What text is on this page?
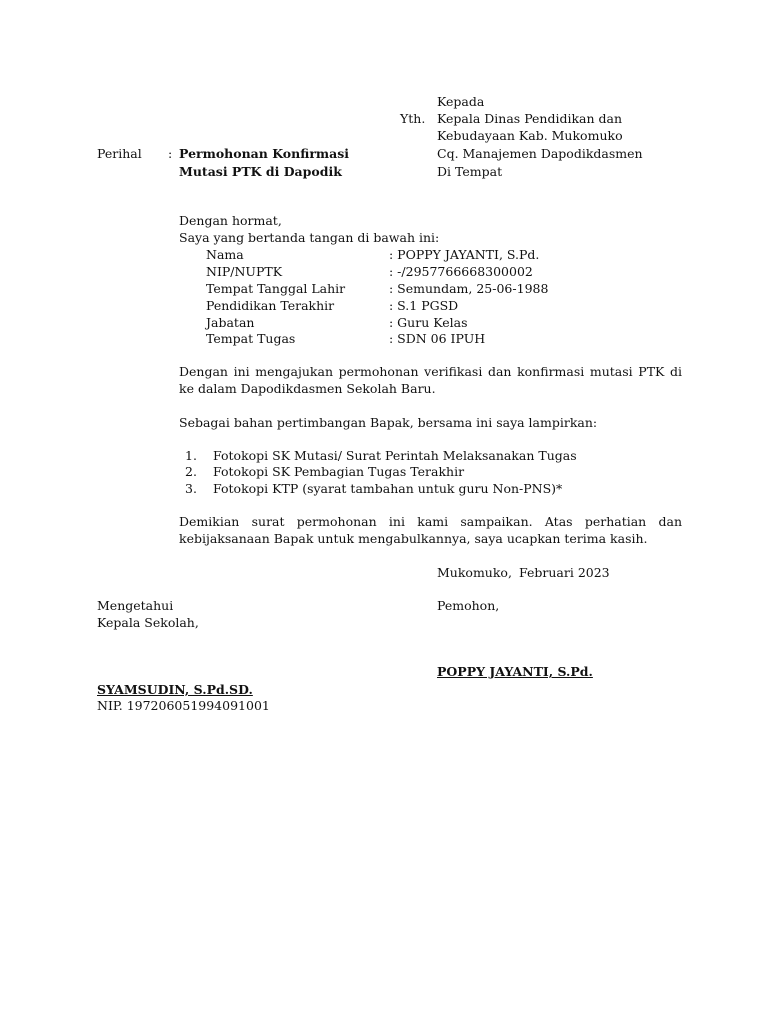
Kepada
Yth. Kepala Dinas Pendidikan dan
Kebudayaan Kab. Mukomuko
Cq. Manajemen Dapodikdasmen
Di Tempat
Perihal : Permohonan Konfirmasi
Mutasi PTK di Dapodik
Dengan hormat,
Saya yang bertanda tangan di bawah ini:
Nama	: POPPY JAYANTI, S.Pd.
NIP/NUPTK	: -/2957766668300002
Tempat Tanggal Lahir	: Semundam, 25-06-1988
Pendidikan Terakhir	: S.1 PGSD
Jabatan	: Guru Kelas
Tempat Tugas	: SDN 06 IPUH
Dengan ini mengajukan permohonan verifikasi dan konfirmasi mutasi PTK di ke dalam Dapodikdasmen Sekolah Baru.
Sebagai bahan pertimbangan Bapak, bersama ini saya lampirkan:
1. Fotokopi SK Mutasi/ Surat Perintah Melaksanakan Tugas
2. Fotokopi SK Pembagian Tugas Terakhir
3. Fotokopi KTP (syarat tambahan untuk guru Non-PNS)*
Demikian surat permohonan ini kami sampaikan. Atas perhatian dan kebijaksanaan Bapak untuk mengabulkannya, saya ucapkan terima kasih.
Mukomuko, Februari 2023
Mengetahui	Pemohon,
Kepala Sekolah,
POPPY JAYANTI, S.Pd.
SYAMSUDIN, S.Pd.SD.
NIP. 197206051994091001
